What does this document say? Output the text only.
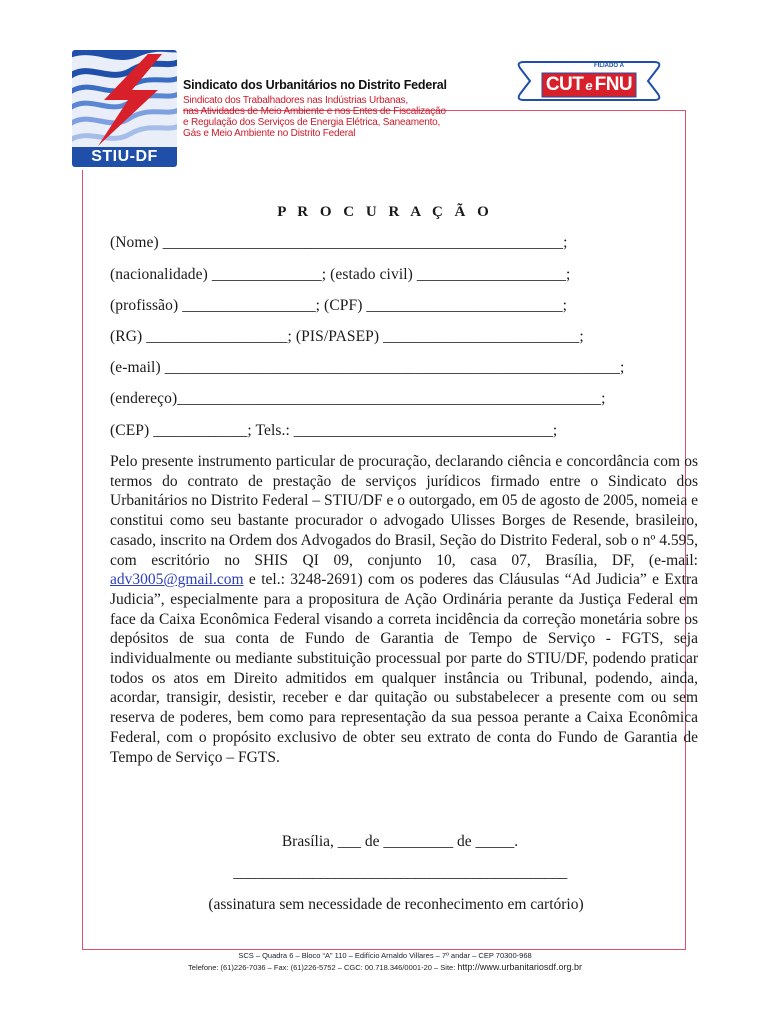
STIU-DF
Sindicato dos Urbanitários no Distrito Federal
Sindicato dos Trabalhadores nas Indústrias Urbanas,
nas Atividades de Meio Ambiente e nos Entes de Fiscalização
e Regulação dos Serviços de Energia Elétrica, Saneamento,
Gás e Meio Ambiente no Distrito Federal
FILIADO À
CUT e FNU
P R O C U R A Ç Ã O
(Nome) ___________________________________________________;
(nacionalidade) ______________; (estado civil) ___________________;
(profissão) _________________; (CPF) _________________________;
(RG) __________________; (PIS/PASEP) _________________________;
(e-mail) __________________________________________________________;
(endereço)______________________________________________________;
(CEP) ____________; Tels.: _________________________________;
Pelo presente instrumento particular de procuração, declarando ciência e concordância com os termos do contrato de prestação de serviços jurídicos firmado entre o Sindicato dos Urbanitários no Distrito Federal – STIU/DF e o outorgado, em 05 de agosto de 2005, nomeia e constitui como seu bastante procurador o advogado Ulisses Borges de Resende, brasileiro, casado, inscrito na Ordem dos Advogados do Brasil, Seção do Distrito Federal, sob o nº 4.595, com escritório no SHIS QI 09, conjunto 10, casa 07, Brasília, DF, (e-mail: adv3005@gmail.com e tel.: 3248-2691) com os poderes das Cláusulas “Ad Judicia” e Extra Judicia”, especialmente para a propositura de Ação Ordinária perante da Justiça Federal em face da Caixa Econômica Federal visando a correta incidência da correção monetária sobre os depósitos de sua conta de Fundo de Garantia de Tempo de Serviço - FGTS, seja individualmente ou mediante substituição processual por parte do STIU/DF, podendo praticar todos os atos em Direito admitidos em qualquer instância ou Tribunal, podendo, ainda, acordar, transigir, desistir, receber e dar quitação ou substabelecer a presente com ou sem reserva de poderes, bem como para representação da sua pessoa perante a Caixa Econômica Federal, com o propósito exclusivo de obter seu extrato de conta do Fundo de Garantia de Tempo de Serviço – FGTS.
Brasília, ___ de _________ de _____.
______________________________________________
(assinatura sem necessidade de reconhecimento em cartório)
SCS – Quadra 6 – Bloco “A” 110 – Edifício Arnaldo Villares – 7º andar – CEP 70300-968
Telefone: (61)226-7036 – Fax: (61)226-5752 – CGC: 00.718.346/0001-20 – Site: http://www.urbanitariosdf.org.br
